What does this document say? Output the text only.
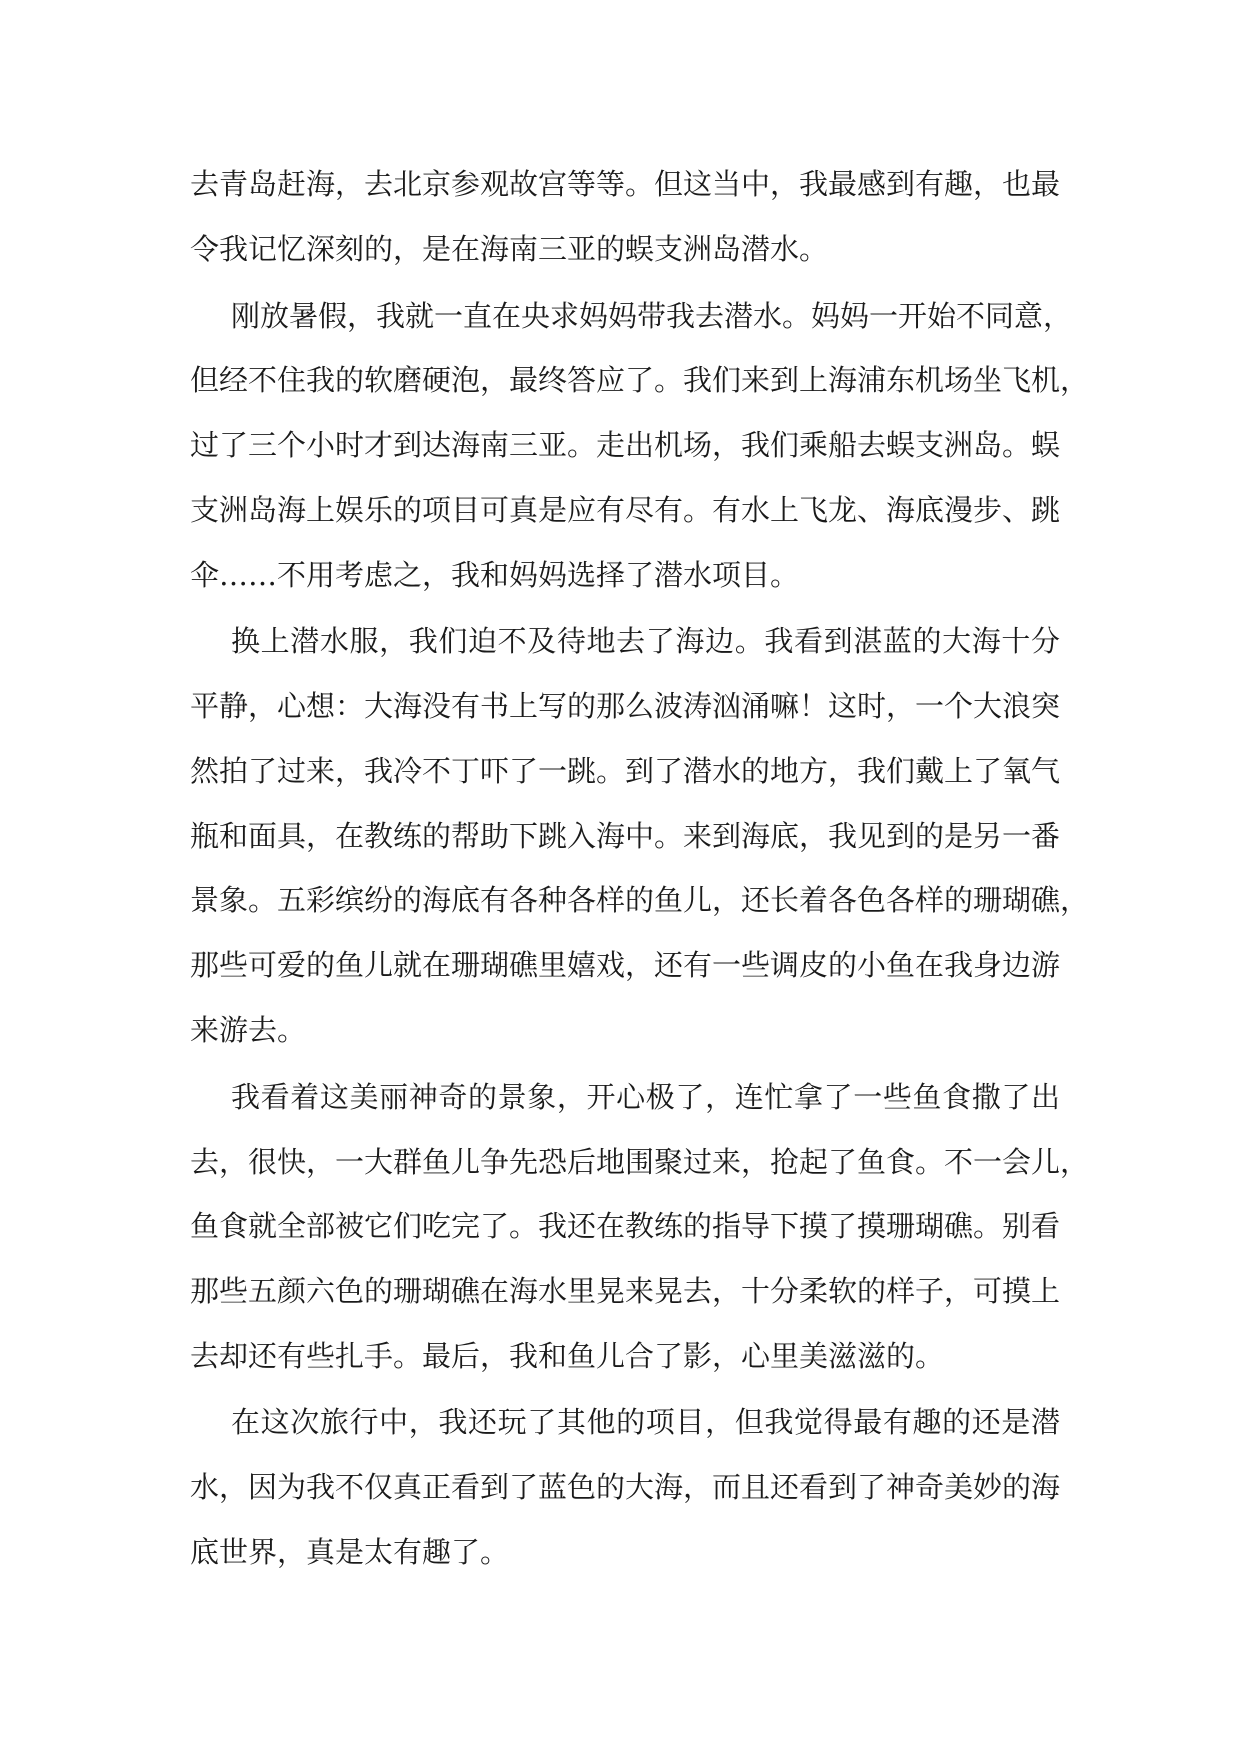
去青岛赶海，去北京参观故宫等等。但这当中，我最感到有趣，也最
令我记忆深刻的，是在海南三亚的蜈支洲岛潜水。
刚放暑假，我就一直在央求妈妈带我去潜水。妈妈一开始不同意，
但经不住我的软磨硬泡，最终答应了。我们来到上海浦东机场坐飞机，
过了三个小时才到达海南三亚。走出机场，我们乘船去蜈支洲岛。蜈
支洲岛海上娱乐的项目可真是应有尽有。有水上飞龙、海底漫步、跳
伞……不用考虑之，我和妈妈选择了潜水项目。
换上潜水服，我们迫不及待地去了海边。我看到湛蓝的大海十分
平静，心想：大海没有书上写的那么波涛汹涌嘛！这时，一个大浪突
然拍了过来，我冷不丁吓了一跳。到了潜水的地方，我们戴上了氧气
瓶和面具，在教练的帮助下跳入海中。来到海底，我见到的是另一番
景象。五彩缤纷的海底有各种各样的鱼儿，还长着各色各样的珊瑚礁，
那些可爱的鱼儿就在珊瑚礁里嬉戏，还有一些调皮的小鱼在我身边游
来游去。
我看着这美丽神奇的景象，开心极了，连忙拿了一些鱼食撒了出
去，很快，一大群鱼儿争先恐后地围聚过来，抢起了鱼食。不一会儿，
鱼食就全部被它们吃完了。我还在教练的指导下摸了摸珊瑚礁。别看
那些五颜六色的珊瑚礁在海水里晃来晃去，十分柔软的样子，可摸上
去却还有些扎手。最后，我和鱼儿合了影，心里美滋滋的。
在这次旅行中，我还玩了其他的项目，但我觉得最有趣的还是潜
水，因为我不仅真正看到了蓝色的大海，而且还看到了神奇美妙的海
底世界，真是太有趣了。
